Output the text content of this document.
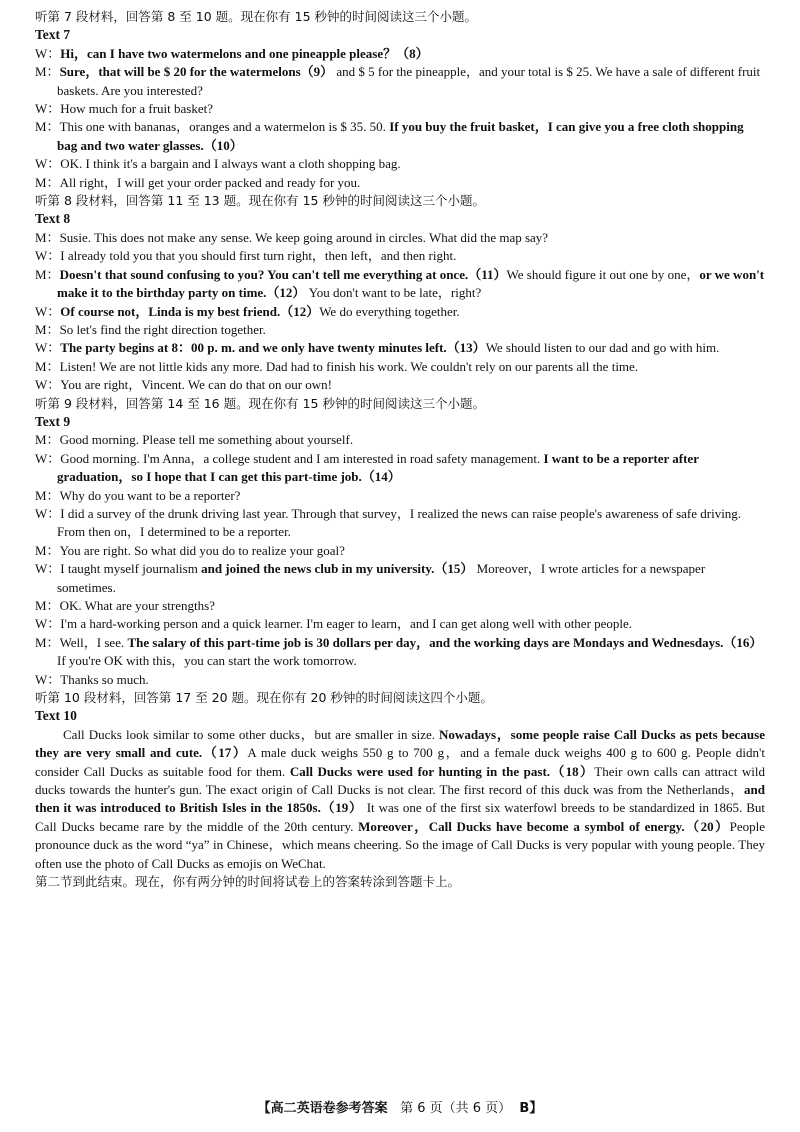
听第 7 段材料，回答第 8 至 10 题。现在你有 15 秒钟的时间阅读这三个小题。

Text 7

W：Hi，can I have two watermelons and one pineapple please？（8）

M：Sure，that will be $ 20 for the watermelons（9） and $ 5 for the pineapple，and your total is $ 25. We have a sale of different fruit baskets. Are you interested?

W：How much for a fruit basket?

M：This one with bananas，oranges and a watermelon is $ 35. 50. If you buy the fruit basket，I can give you a free cloth shopping bag and two water glasses.（10）

W：OK. I think it's a bargain and I always want a cloth shopping bag.

M：All right，I will get your order packed and ready for you.

听第 8 段材料，回答第 11 至 13 题。现在你有 15 秒钟的时间阅读这三个小题。

Text 8

M：Susie. This does not make any sense. We keep going around in circles. What did the map say?

W：I already told you that you should first turn right，then left，and then right.

M：Doesn't that sound confusing to you? You can't tell me everything at once.（11）We should figure it out one by one，or we won't make it to the birthday party on time.（12） You don't want to be late，right?

W：Of course not，Linda is my best friend.（12）We do everything together.

M：So let's find the right direction together.

W：The party begins at 8：00 p. m. and we only have twenty minutes left.（13）We should listen to our dad and go with him.

M：Listen! We are not little kids any more. Dad had to finish his work. We couldn't rely on our parents all the time.

W：You are right，Vincent. We can do that on our own!

听第 9 段材料，回答第 14 至 16 题。现在你有 15 秒钟的时间阅读这三个小题。

Text 9

M：Good morning. Please tell me something about yourself.

W：Good morning. I'm Anna，a college student and I am interested in road safety management. I want to be a reporter after graduation，so I hope that I can get this part-time job.（14）

M：Why do you want to be a reporter?

W：I did a survey of the drunk driving last year. Through that survey，I realized the news can raise people's awareness of safe driving. From then on，I determined to be a reporter.

M：You are right. So what did you do to realize your goal?

W：I taught myself journalism and joined the news club in my university.（15） Moreover，I wrote articles for a newspaper sometimes.

M：OK. What are your strengths?

W：I'm a hard-working person and a quick learner. I'm eager to learn，and I can get along well with other people.

M：Well，I see. The salary of this part-time job is 30 dollars per day，and the working days are Mondays and Wednesdays.（16） If you're OK with this，you can start the work tomorrow.

W：Thanks so much.

听第 10 段材料，回答第 17 至 20 题。现在你有 20 秒钟的时间阅读这四个小题。

Text 10

Call Ducks look similar to some other ducks，but are smaller in size. Nowadays，some people raise Call Ducks as pets because they are very small and cute.（17）A male duck weighs 550 g to 700 g，and a female duck weighs 400 g to 600 g. People didn't consider Call Ducks as suitable food for them. Call Ducks were used for hunting in the past.（18）Their own calls can attract wild ducks towards the hunter's gun. The exact origin of Call Ducks is not clear. The first record of this duck was from the Netherlands，and then it was introduced to British Isles in the 1850s.（19） It was one of the first six waterfowl breeds to be standardized in 1865. But Call Ducks became rare by the middle of the 20th century. Moreover，Call Ducks have become a symbol of energy.（20）People pronounce duck as the word “ya” in Chinese，which means cheering. So the image of Call Ducks is very popular with young people. They often use the photo of Call Ducks as emojis on WeChat.

第二节到此结束。现在，你有两分钟的时间将试卷上的答案转涂到答题卡上。

【高二英语卷参考答案 第 6 页（共 6 页） B】
